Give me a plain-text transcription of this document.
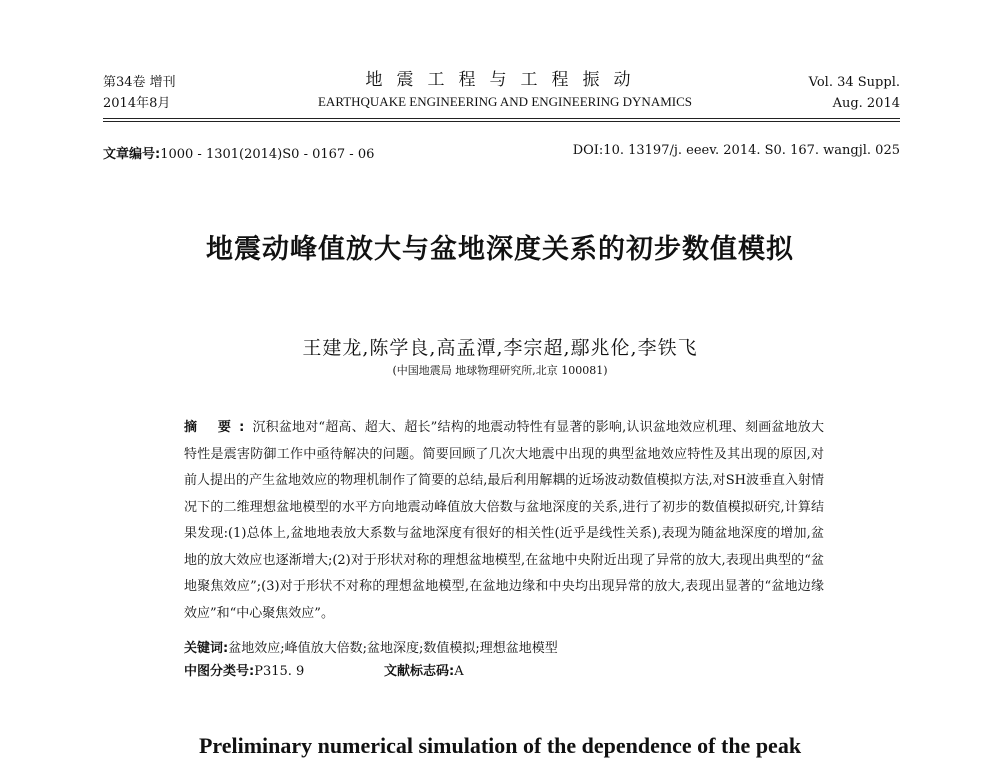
第34卷 增刊
2014年8月
地震工程与工程振动
EARTHQUAKE ENGINEERING AND ENGINEERING DYNAMICS
Vol. 34 Suppl.
Aug. 2014
文章编号:1000 - 1301(2014)S0 - 0167 - 06	DOI:10. 13197/j. eeev. 2014. S0. 167. wangjl. 025
地震动峰值放大与盆地深度关系的初步数值模拟
王建龙,陈学良,高孟潭,李宗超,鄢兆伦,李铁飞
(中国地震局 地球物理研究所,北京 100081)
摘 要:沉积盆地对“超高、超大、超长”结构的地震动特性有显著的影响,认识盆地效应机理、刻画盆地放大特性是震害防御工作中亟待解决的问题。简要回顾了几次大地震中出现的典型盆地效应特性及其出现的原因,对前人提出的产生盆地效应的物理机制作了简要的总结,最后利用解耦的近场波动数值模拟方法,对SH波垂直入射情况下的二维理想盆地模型的水平方向地震动峰值放大倍数与盆地深度的关系,进行了初步的数值模拟研究,计算结果发现:(1)总体上,盆地地表放大系数与盆地深度有很好的相关性(近乎是线性关系),表现为随盆地深度的增加,盆地的放大效应也逐渐增大;(2)对于形状对称的理想盆地模型,在盆地中央附近出现了异常的放大,表现出典型的“盆地聚焦效应”;(3)对于形状不对称的理想盆地模型,在盆地边缘和中央均出现异常的放大,表现出显著的“盆地边缘效应”和“中心聚焦效应”。
关键词:盆地效应;峰值放大倍数;盆地深度;数值模拟;理想盆地模型
中图分类号:P315. 9	文献标志码:A
Preliminary numerical simulation of the dependence of the peak
